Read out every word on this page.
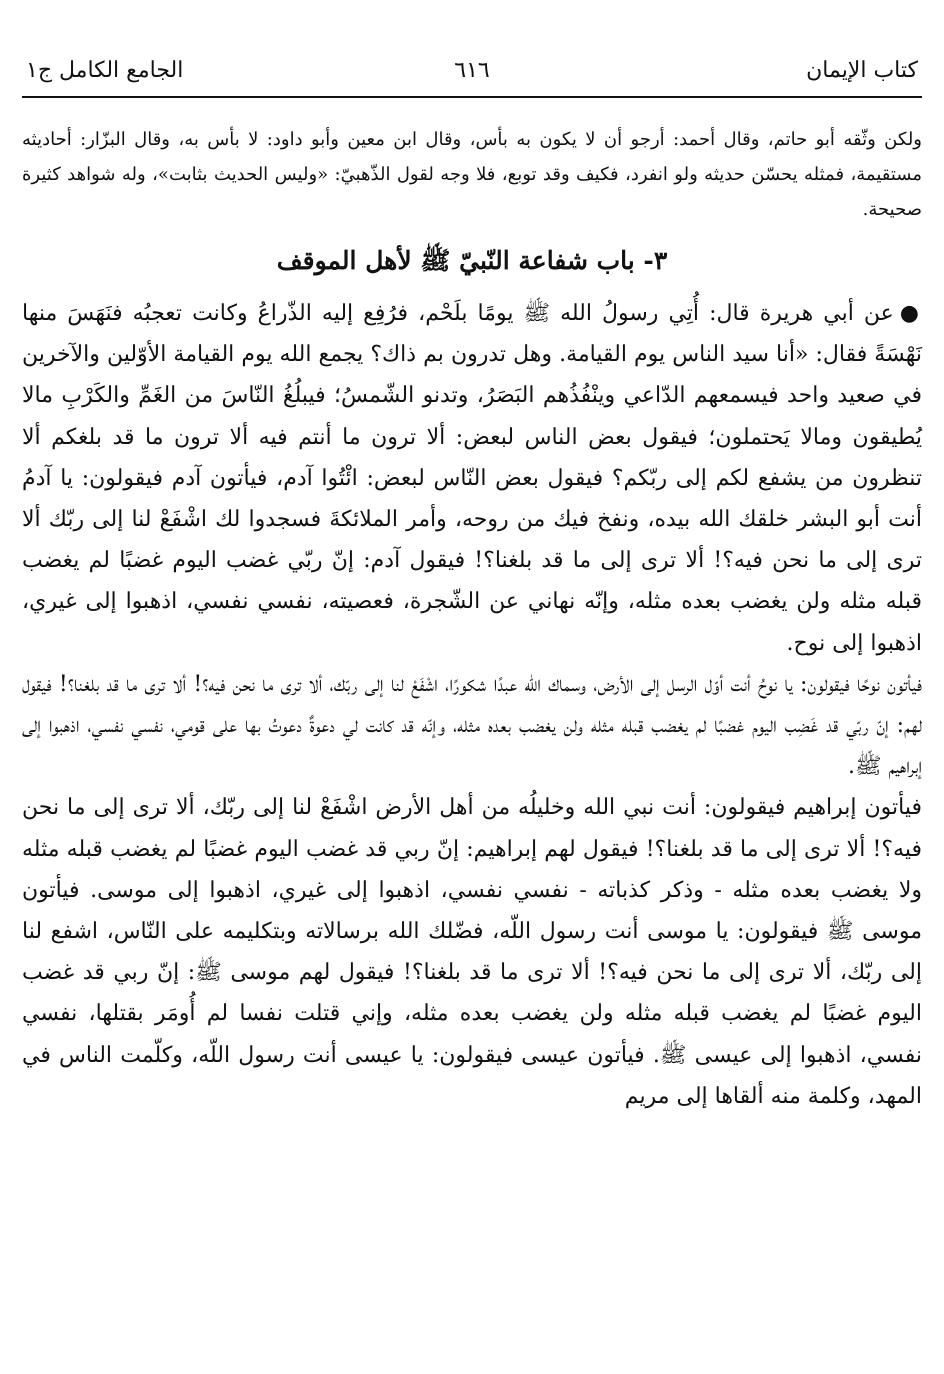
كتاب الإيمان
٦١٦
الجامع الكامل ج١

ولكن وثّقه أبو حاتم، وقال أحمد: أرجو أن لا يكون به بأس، وقال ابن معين وأبو داود: لا بأس به، وقال البزّار: أحاديثه مستقيمة، فمثله يحسّن حديثه ولو انفرد، فكيف وقد توبع، فلا وجه لقول الذّهبيّ: «وليس الحديث بثابت»، وله شواهد كثيرة صحيحة.

٣- باب شفاعة النّبيّ ﷺ لأهل الموقف

●عن أبي هريرة قال: أُتِي رسولُ الله ﷺ يومًا بلَحْم، فرُفِع إليه الذّراعُ وكانت تعجبُه فنَهَسَ منها نَهْسَةً فقال: «أنا سيد الناس يوم القيامة. وهل تدرون بم ذاك؟ يجمع الله يوم القيامة الأوّلين والآخرين في صعيد واحد فيسمعهم الدّاعي وينْفُذُهم البَصَرُ، وتدنو الشّمسُ؛ فيبلُغُ النّاسَ من الغَمِّ والكَرْبِ مالا يُطيقون ومالا يَحتملون؛ فيقول بعض الناس لبعض: ألا ترون ما أنتم فيه ألا ترون ما قد بلغكم ألا تنظرون من يشفع لكم إلى ربّكم؟ فيقول بعض النّاس لبعض: ائْتُوا آدم، فيأتون آدم فيقولون: يا آدمُ أنت أبو البشر خلقك الله بيده، ونفخ فيك من روحه، وأمر الملائكةَ فسجدوا لك اشْفَعْ لنا إلى ربّك ألا ترى إلى ما نحن فيه؟! ألا ترى إلى ما قد بلغنا؟! فيقول آدم: إنّ ربّي غضب اليوم غضبًا لم يغضب قبله مثله ولن يغضب بعده مثله، وإنّه نهاني عن الشّجرة، فعصيته، نفسي نفسي، اذهبوا إلى غيري، اذهبوا إلى نوح.

فيأتون نوحًا فيقولون: يا نوحُ أنت أوّل الرسل إلى الأرض، وسماك الله عبدًا شكورًا، اشْفَعْ لنا إلى ربّك، ألا ترى ما نحن فيه؟! ألا ترى ما قد بلغنا؟! فيقول لهم: إنّ ربّي قد غَضِب اليوم غضبًا لم يغضب قبله مثله ولن يغضب بعده مثله، وإنّه قد كانت لي دعوةٌ دعوتُ بها على قومي، نفسي نفسي، اذهبوا إلى إبراهيم ﷺ.

فيأتون إبراهيم فيقولون: أنت نبي الله وخليلُه من أهل الأرض اشْفَعْ لنا إلى ربّك، ألا ترى إلى ما نحن فيه؟! ألا ترى إلى ما قد بلغنا؟! فيقول لهم إبراهيم: إنّ ربي قد غضب اليوم غضبًا لم يغضب قبله مثله ولا يغضب بعده مثله - وذكر كذباته - نفسي نفسي، اذهبوا إلى غيري، اذهبوا إلى موسى. فيأتون موسى ﷺ فيقولون: يا موسى أنت رسول اللّه، فضّلك الله برسالاته وبتكليمه على النّاس، اشفع لنا إلى ربّك، ألا ترى إلى ما نحن فيه؟! ألا ترى ما قد بلغنا؟! فيقول لهم موسى ﷺ: إنّ ربي قد غضب اليوم غضبًا لم يغضب قبله مثله ولن يغضب بعده مثله، وإني قتلت نفسا لم أُومَر بقتلها، نفسي نفسي، اذهبوا إلى عيسى ﷺ. فيأتون عيسى فيقولون: يا عيسى أنت رسول اللّه، وكلّمت الناس في المهد، وكلمة منه ألقاها إلى مريم
